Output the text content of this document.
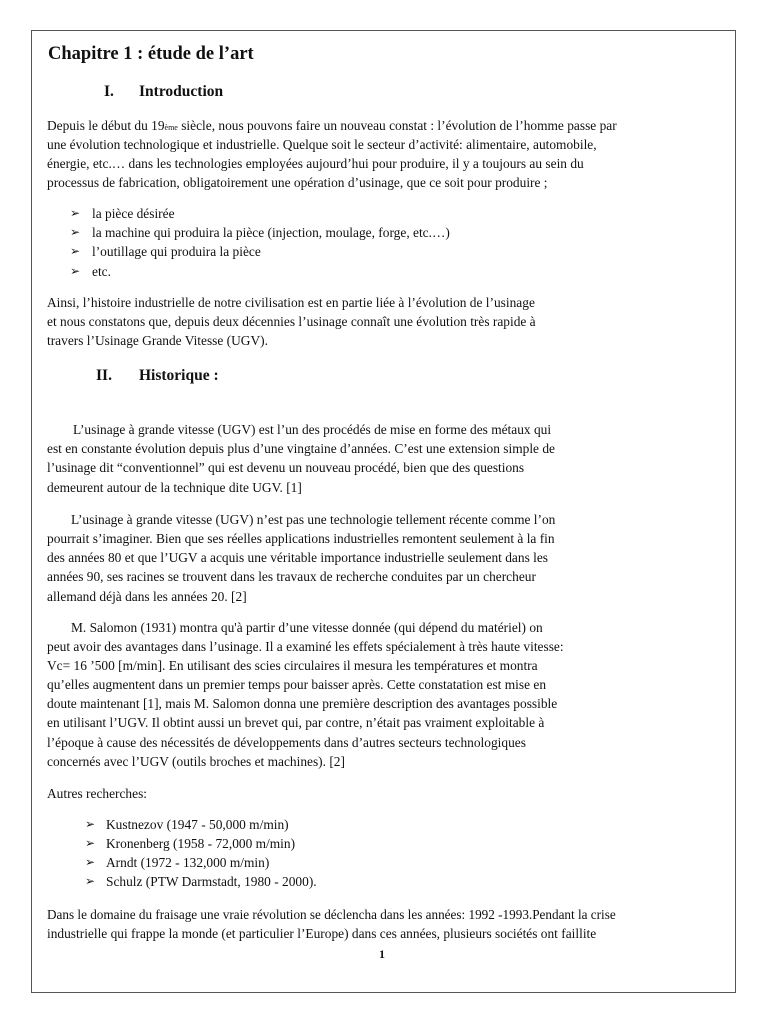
Chapitre 1 : étude de l’art
I. Introduction
Depuis le début du 19ème siècle, nous pouvons faire un nouveau constat : l’évolution de l’homme passe par
une évolution technologique et industrielle. Quelque soit le secteur d’activité: alimentaire, automobile,
énergie, etc.… dans les technologies employées aujourd’hui pour produire, il y a toujours au sein du
processus de fabrication, obligatoirement une opération d’usinage, que ce soit pour produire ;
➢ la pièce désirée
➢ la machine qui produira la pièce (injection, moulage, forge, etc.…)
➢ l’outillage qui produira la pièce
➢ etc.
Ainsi, l’histoire industrielle de notre civilisation est en partie liée à l’évolution de l’usinage
et nous constatons que, depuis deux décennies l’usinage connaît une évolution très rapide à
travers l’Usinage Grande Vitesse (UGV).
II. Historique :
L’usinage à grande vitesse (UGV) est l’un des procédés de mise en forme des métaux qui
est en constante évolution depuis plus d’une vingtaine d’années. C’est une extension simple de
l’usinage dit “conventionnel” qui est devenu un nouveau procédé, bien que des questions
demeurent autour de la technique dite UGV. [1]
L’usinage à grande vitesse (UGV) n’est pas une technologie tellement récente comme l’on
pourrait s’imaginer. Bien que ses réelles applications industrielles remontent seulement à la fin
des années 80 et que l’UGV a acquis une véritable importance industrielle seulement dans les
années 90, ses racines se trouvent dans les travaux de recherche conduites par un chercheur
allemand déjà dans les années 20. [2]
M. Salomon (1931) montra qu'à partir d’une vitesse donnée (qui dépend du matériel) on
peut avoir des avantages dans l’usinage. Il a examiné les effets spécialement à très haute vitesse:
Vc= 16 ’500 [m/min]. En utilisant des scies circulaires il mesura les températures et montra
qu’elles augmentent dans un premier temps pour baisser après. Cette constatation est mise en
doute maintenant [1], mais M. Salomon donna une première description des avantages possible
en utilisant l’UGV. Il obtint aussi un brevet qui, par contre, n’était pas vraiment exploitable à
l’époque à cause des nécessités de développements dans d’autres secteurs technologiques
concernés avec l’UGV (outils broches et machines). [2]
Autres recherches:
➢ Kustnezov (1947 - 50,000 m/min)
➢ Kronenberg (1958 - 72,000 m/min)
➢ Arndt (1972 - 132,000 m/min)
➢ Schulz (PTW Darmstadt, 1980 - 2000).
Dans le domaine du fraisage une vraie révolution se déclencha dans les années: 1992 -1993.Pendant la crise
industrielle qui frappe la monde (et particulier l’Europe) dans ces années, plusieurs sociétés ont faillite
1
